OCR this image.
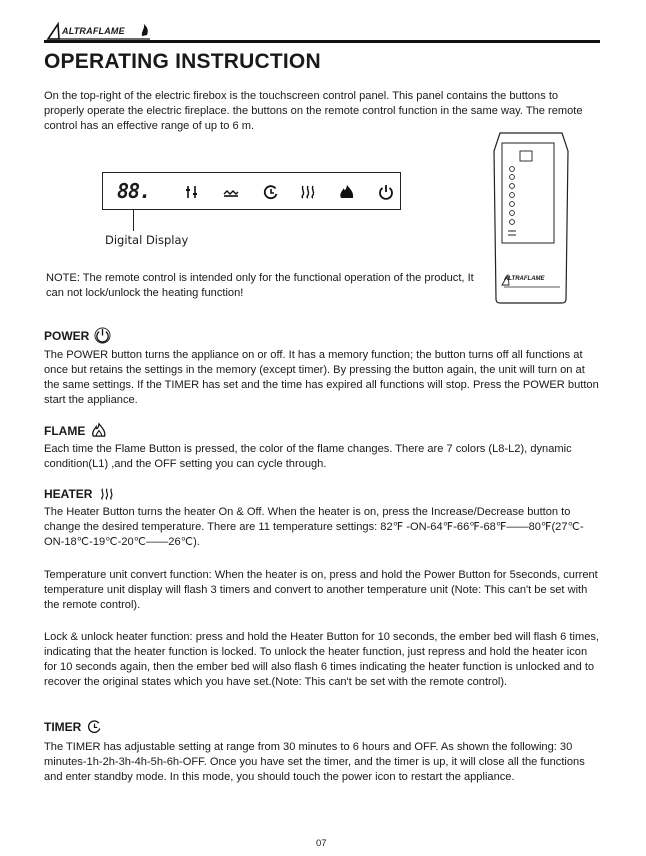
ALTRAFLAME
OPERATING INSTRUCTION
On the top-right of the electric firebox is the touchscreen control panel. This panel contains the buttons to properly operate the electric fireplace. the buttons on the remote control function in the same way. The remote control has an effective range of up to 6 m.
88.
Digital Display
NOTE: The remote control is intended only for the functional operation of the product, It can not lock/unlock the heating function!
ALTRAFLAME
POWER
The POWER button turns the appliance on or off. It has a memory function; the button turns off all functions at once but retains the settings in the memory (except timer). By pressing the button again, the unit will turn on at the same settings. If the TIMER has set and the time has expired all functions will stop. Press the POWER button start the appliance.
FLAME
Each time the Flame Button is pressed, the color of the flame changes. There are 7 colors (L8-L2), dynamic condition(L1) ,and the OFF setting you can cycle through.
HEATER
The Heater Button turns the heater On & Off. When the heater is on, press the Increase/Decrease button to change the desired temperature. There are 11 temperature settings: 82℉ -ON-64℉-66℉-68℉——80℉(27℃-ON-18℃-19℃-20℃——26℃).
Temperature unit convert function: When the heater is on, press and hold the Power Button for 5seconds, current temperature unit display will flash 3 timers and convert to another temperature unit (Note: This can't be set with the remote control).
Lock & unlock heater function: press and hold the Heater Button for 10 seconds, the ember bed will flash 6 times, indicating that the heater function is locked. To unlock the heater function, just repress and hold the heater icon for 10 seconds again, then the ember bed will also flash 6 times indicating the heater function is unlocked and to recover the original states which you have set.(Note: This can't be set with the remote control).
TIMER
The TIMER has adjustable setting at range from 30 minutes to 6 hours and OFF. As shown the following: 30 minutes-1h-2h-3h-4h-5h-6h-OFF. Once you have set the timer, and the timer is up, it will close all the functions and enter standby mode. In this mode, you should touch the power icon to restart the appliance.
07
